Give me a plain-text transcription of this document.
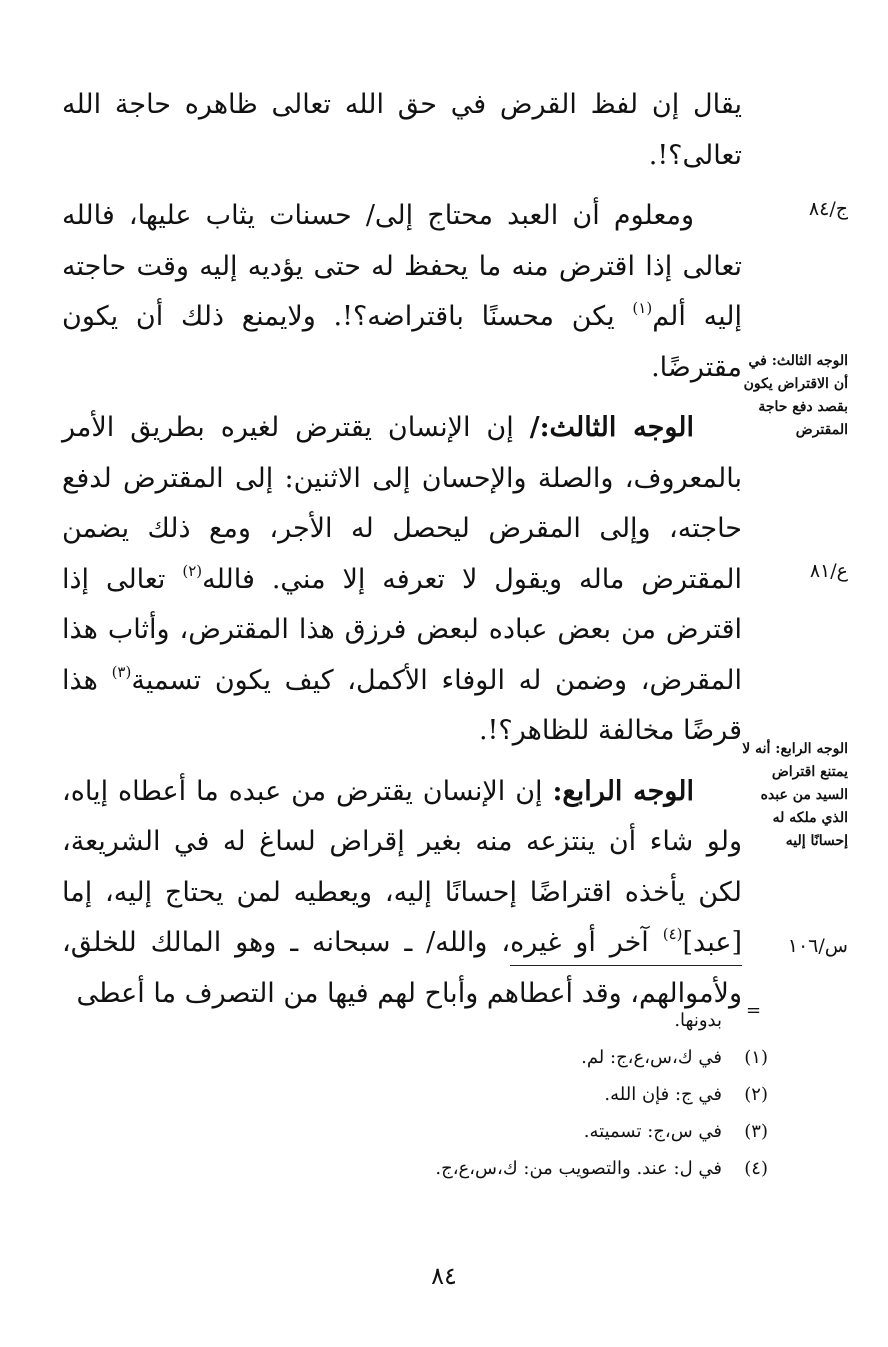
يقال إن لفظ القرض في حق الله تعالى ظاهره حاجة الله تعالى؟!.

ومعلوم أن العبد محتاج إلى/ حسنات يثاب عليها، فالله تعالى إذا اقترض منه ما يحفظ له حتى يؤديه إليه وقت حاجته إليه ألم$^{(١)}$ يكن محسنًا باقتراضه؟!. ولايمنع ذلك أن يكون مقترضًا.

الوجه الثالث:/ إن الإنسان يقترض لغيره بطريق الأمر بالمعروف، والصلة والإحسان إلى الاثنين: إلى المقترض لدفع حاجته، وإلى المقرض ليحصل له الأجر، ومع ذلك يضمن المقترض ماله ويقول لا تعرفه إلا مني. فالله$^{(٢)}$ تعالى إذا اقترض من بعض عباده لبعض فرزق هذا المقترض، وأثاب هذا المقرض، وضمن له الوفاء الأكمل، كيف يكون تسمية$^{(٣)}$ هذا قرضًا مخالفة للظاهر؟!.

الوجه الرابع: إن الإنسان يقترض من عبده ما أعطاه إياه، ولو شاء أن ينتزعه منه بغير إقراض لساغ له في الشريعة، لكن يأخذه اقتراضًا إحسانًا إليه، ويعطيه لمن يحتاج إليه، إما [عبد]$^{(٤)}$ آخر أو غيره، والله/ ـ سبحانه ـ وهو المالك للخلق، ولأموالهم، وقد أعطاهم وأباح لهم فيها من التصرف ما أعطى

ج/٨٤
الوجه الثالث: في أن الاقتراض يكون بقصد دفع حاجة المقترض
ع/٨١
الوجه الرابع: أنه لا يمتنع اقتراض السيد من عبده الذي ملكه له إحسانًا إليه
س/١٠٦
=
بدونها.
(١)في ك،س،ع،ج: لم.
(٢)في ج: فإن الله.
(٣)في س،ج: تسميته.
(٤)في ل: عند. والتصويب من: ك،س،ع،ج.
٨٤
